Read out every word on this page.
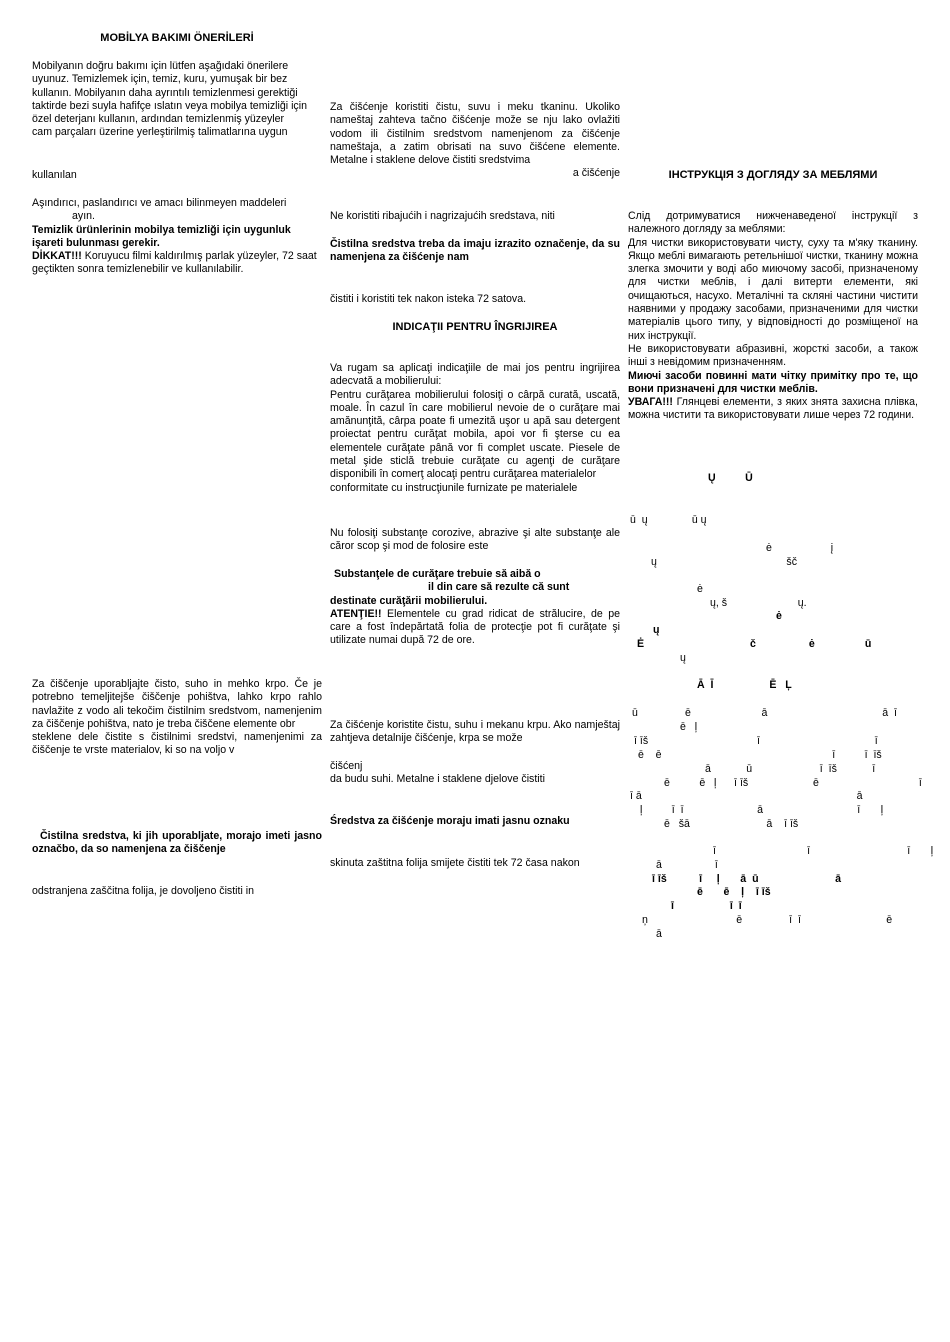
MOBİLYA BAKIMI ÖNERİLERİ

Mobilyanın doğru bakımı için lütfen aşağıdaki önerilere uyunuz. Temizlemek için, temiz, kuru, yumuşak bir bez kullanın. Mobilyanın daha ayrıntılı temizlenmesi gerektiği taktirde bezi suyla hafifçe ıslatın veya mobilya temizliği için özel deterjanı kullanın, ardından temizlenmiş yüzeyler

cam parçaları üzerine yerleştirilmiş talimatlarına uygun

kullanılan

Aşındırıcı, paslandırıcı ve amacı bilinmeyen maddeleri

ayın.

Temizlik ürünlerinin mobilya temizliği için uygunluk işareti bulunması gerekir.

DİKKAT!!! Koruyucu filmi kaldırılmış parlak yüzeyler, 72 saat geçtikten sonra temizlenebilir ve kullanılabilir.

Za čiščenje uporabljajte čisto, suho in mehko krpo. Če je potrebno temeljitejše čiščenje pohištva, lahko krpo rahlo navlažite z vodo ali tekočim čistilnim sredstvom, namenjenim za čiščenje pohištva, nato je treba čiščene elemente obr

steklene dele čistite s čistilnimi sredstvi, namenjenimi za čiščenje te vrste materialov, ki so na voljo v

Čistilna sredstva, ki jih uporabljate, morajo imeti jasno označbo, da so namenjena za čiščenje

odstranjena zaščitna folija, je dovoljeno čistiti in

Za čišćenje koristiti čistu, suvu i meku tkaninu. Ukoliko nameštaj zahteva tačno čišćenje može se nju lako ovlažiti vodom ili čistilnim sredstvom namenjenom za čišćenje nameštaja, a zatim obrisati na suvo čišćene elemente. Metalne i staklene delove čistiti sredstvima

a čišćenje

Ne koristiti ribajućih i nagrizajućih sredstava, niti

Čistilna sredstva treba da imaju izrazito označenje, da su namenjena za čišćenje nam

čistiti i koristiti tek nakon isteka 72 satova.

INDICAŢII PENTRU ÎNGRIJIREA

Va rugam sa aplicaţi indicaţiile de mai jos pentru ingrijirea adecvată a mobilierului:

Pentru curăţarea mobilierului folosiţi o cârpă curată, uscată, moale. În cazul în care mobilierul nevoie de o curăţare mai amănunţită, cârpa poate fi umezită uşor u apă sau detergent proiectat pentru curăţat mobila, apoi vor fi şterse cu ea elementele curăţate până vor fi complet uscate. Piesele de metal şide sticlă trebuie curăţate cu agenţi de curăţare disponibili în comerţ alocaţi pentru curăţarea materialelor

conformitate cu instrucţiunile furnizate pe materialele

Nu folosiţi substanţe corozive, abrazive şi alte substanţe ale căror scop şi mod de folosire este

Substanţele de curăţare trebuie să aibă o

il din care să rezulte că sunt

destinate curăţării mobilierului.

ATENŢIE!! Elementele cu grad ridicat de strălucire, de pe care a fost îndepărtată folia de protecţie pot fi curăţate şi utilizate numai după 72 de ore.

Za čišćenje koristite čistu, suhu i mekanu krpu. Ako namještaj zahtjeva detalnije čišćenje, krpa se može

čišćenj

da budu suhi. Metalne i staklene djelove čistiti

Średstva za čišćenje moraju imati jasnu oznaku

skinuta zaštitna folija smijete čistiti tek 72 časa nakon

ІНСТРУКЦІЯ З ДОГЛЯДУ ЗА МЕБЛЯМИ

Слід дотримуватися нижченаведеної інструкції з належного догляду за меблями:

Для чистки використовувати чисту, суху та м'яку тканину. Якщо меблі вимагають ретельнішої чистки, тканину можна злегка змочити у воді або миючому засобі, призначеному для чистки меблів, і далі витерти елементи, які очищаються, насухо. Металічні та скляні частини чистити наявними у продажу засобами, призначеними для чистки матеріалів цього типу, у відповідності до розміщеної на них інструкції.

Не використовувати абразивні, жорсткі засоби, а також інші з невідомим призначенням.

Миючі засоби повинні мати чітку примітку про те, що вони призначені для чистки меблів.

УВАГА!!! Глянцеві елементи, з яких знята захисна плівка, можна чистити та використовувати лише через 72 години.

Ų          Ū
ū  ų               ū ų
ė                    į
ų                                            šč
ė
ų, š                        ų.
ė
ų
Ė                                    č                  ė                 ū
ų
Ā  Ī                   Ē   Ļ
ū                ē                        ā                                       ā  ī
ē   ļ
ī īš                                     ī                                       ī
ē    ē                                                          ī          ī  īš
ā            ū                       ī  īš            ī
ē          ē   ļ      ī īš                      ē                                  ī
ī ā                                                                         ā
ļ          ī  ī                         ā                                ī       ļ
ē   šā                          ā    ī īš
ī                               ī                                 ī       ļ
ā                  ī
ī īš           ī     ļ       ā  ū                          ā
ē       ē    ļ    ī īš
ī                   ī  ī
ņ                              ē                ī  ī                             ē
ā
